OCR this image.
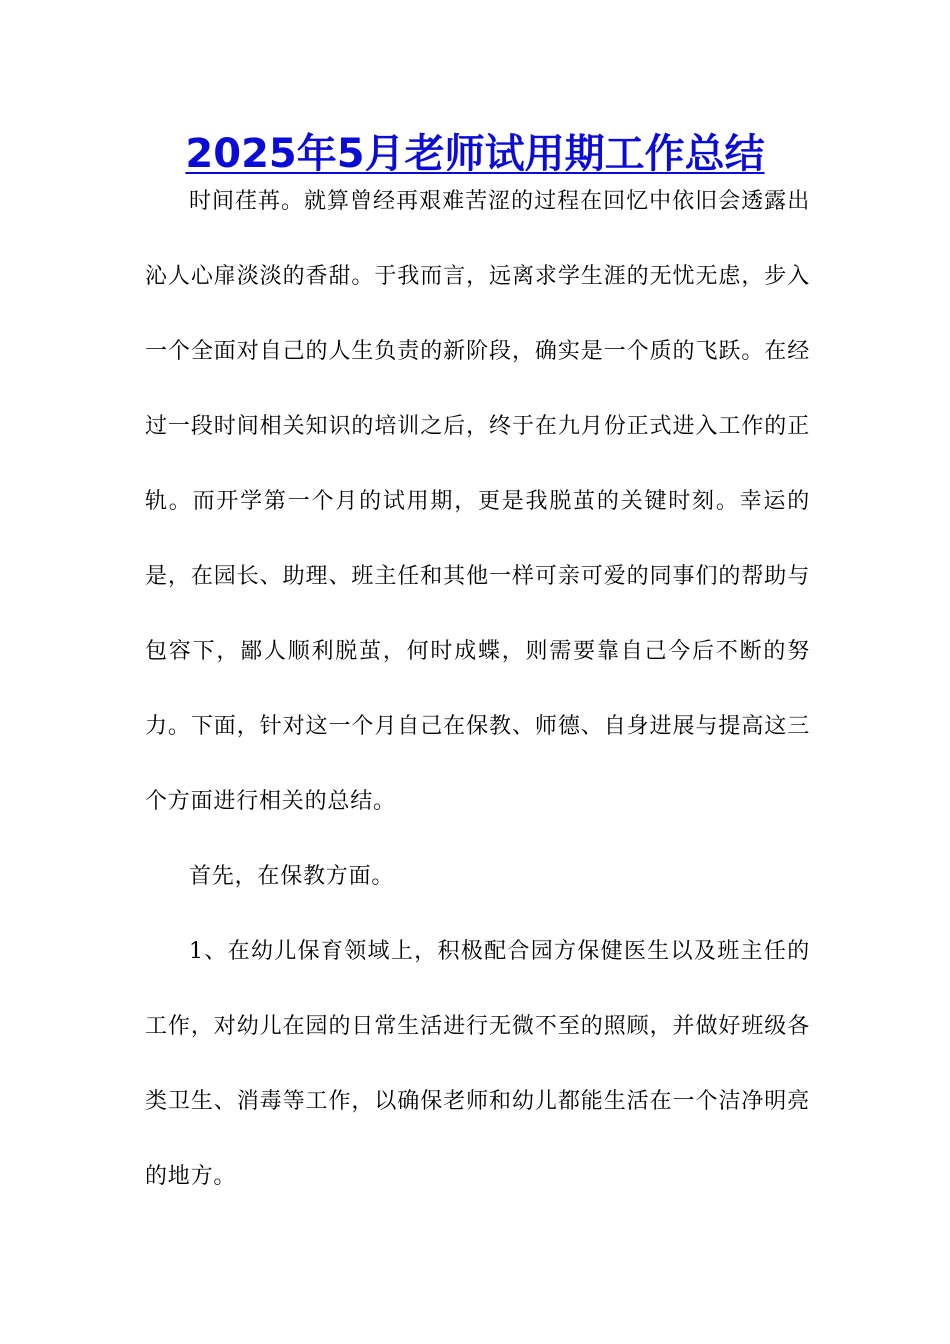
2025年5月老师试用期工作总结

时间荏苒。就算曾经再艰难苦涩的过程在回忆中依旧会透露出沁人心扉淡淡的香甜。于我而言，远离求学生涯的无忧无虑，步入一个全面对自己的人生负责的新阶段，确实是一个质的飞跃。在经过一段时间相关知识的培训之后，终于在九月份正式进入工作的正轨。而开学第一个月的试用期，更是我脱茧的关键时刻。幸运的是，在园长、助理、班主任和其他一样可亲可爱的同事们的帮助与包容下，鄙人顺利脱茧，何时成蝶，则需要靠自己今后不断的努力。下面，针对这一个月自己在保教、师德、自身进展与提高这三个方面进行相关的总结。

首先，在保教方面。

1、在幼儿保育领域上，积极配合园方保健医生以及班主任的工作，对幼儿在园的日常生活进行无微不至的照顾，并做好班级各类卫生、消毒等工作，以确保老师和幼儿都能生活在一个洁净明亮的地方。
